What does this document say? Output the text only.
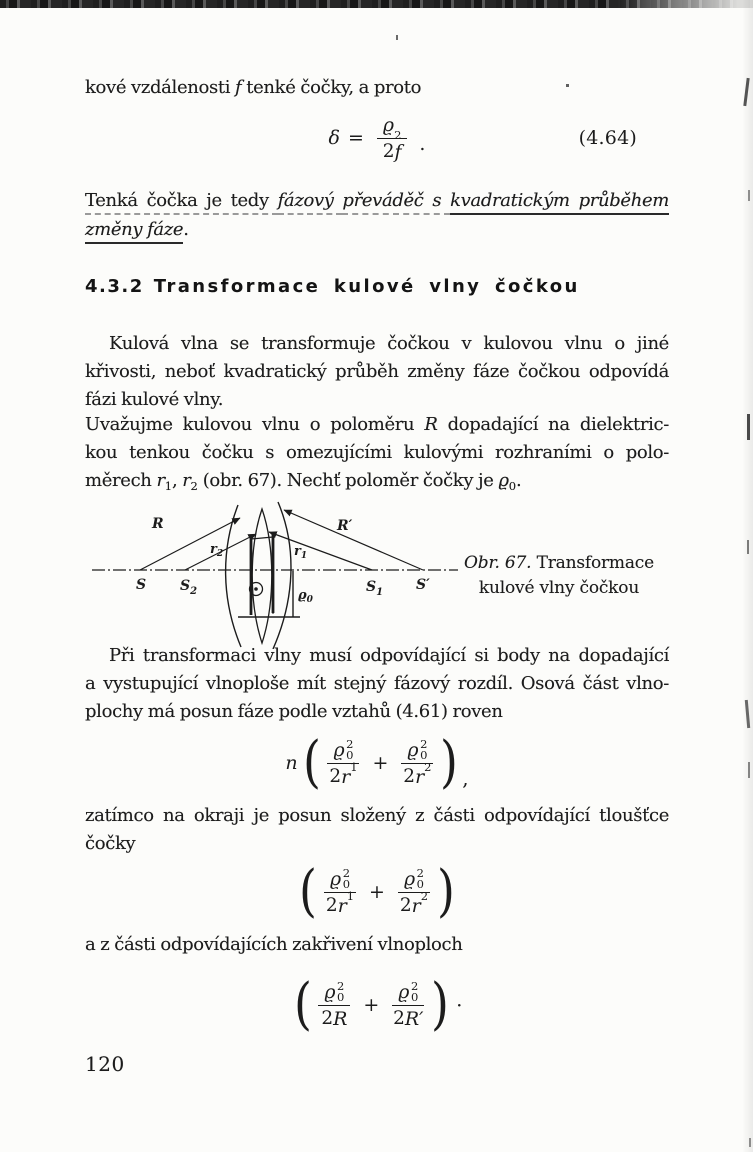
kové vzdálenosti f tenké čočky, a proto
$\delta = \frac{ϱ 2}{2 f}$ .	(4.64)
Tenká čočka je tedy fázový převáděč s kvadratickým průběhem
změny fáze.
4.3.2 Transformace kulové vlny čočkou
Kulová vlna se transformuje čočkou v kulovou vlnu o jiné
křivosti, neboť kvadratický průběh změny fáze čočkou odpovídá
fázi kulové vlny.
Uvažujme kulovou vlnu o poloměru R dopadající na dielektric-
kou tenkou čočku s omezujícími kulovými rozhraními o polo-
měrech $r_1$, $r_2$ (obr. 67). Nechť poloměr čočky je $ϱ_0$.
S $S_2$	$S_1$ S′
R	R′
$r_2$	$r_1$
$ϱ_0$
Obr. 67. Transformace
kulové vlny čočkou
Při transformaci vlny musí odpovídající si body na dopadající
a vystupující vlnoploše mít stejný fázový rozdíl. Osová část vlno-
plochy má posun fáze podle vztahů (4.61) roven
n ( ϱ 2
0
2 r 1 + ϱ 2
0
2 r 2 ) ,
zatímco na okraji je posun složený z části odpovídající tloušťce
čočky
( ϱ 2
0
2 r 1 + ϱ 2
0
2 r 2 )
a z části odpovídajících zakřivení vlnoploch
( ϱ 2
0
2 R + ϱ 2
0
2 R′ ) ·
120
